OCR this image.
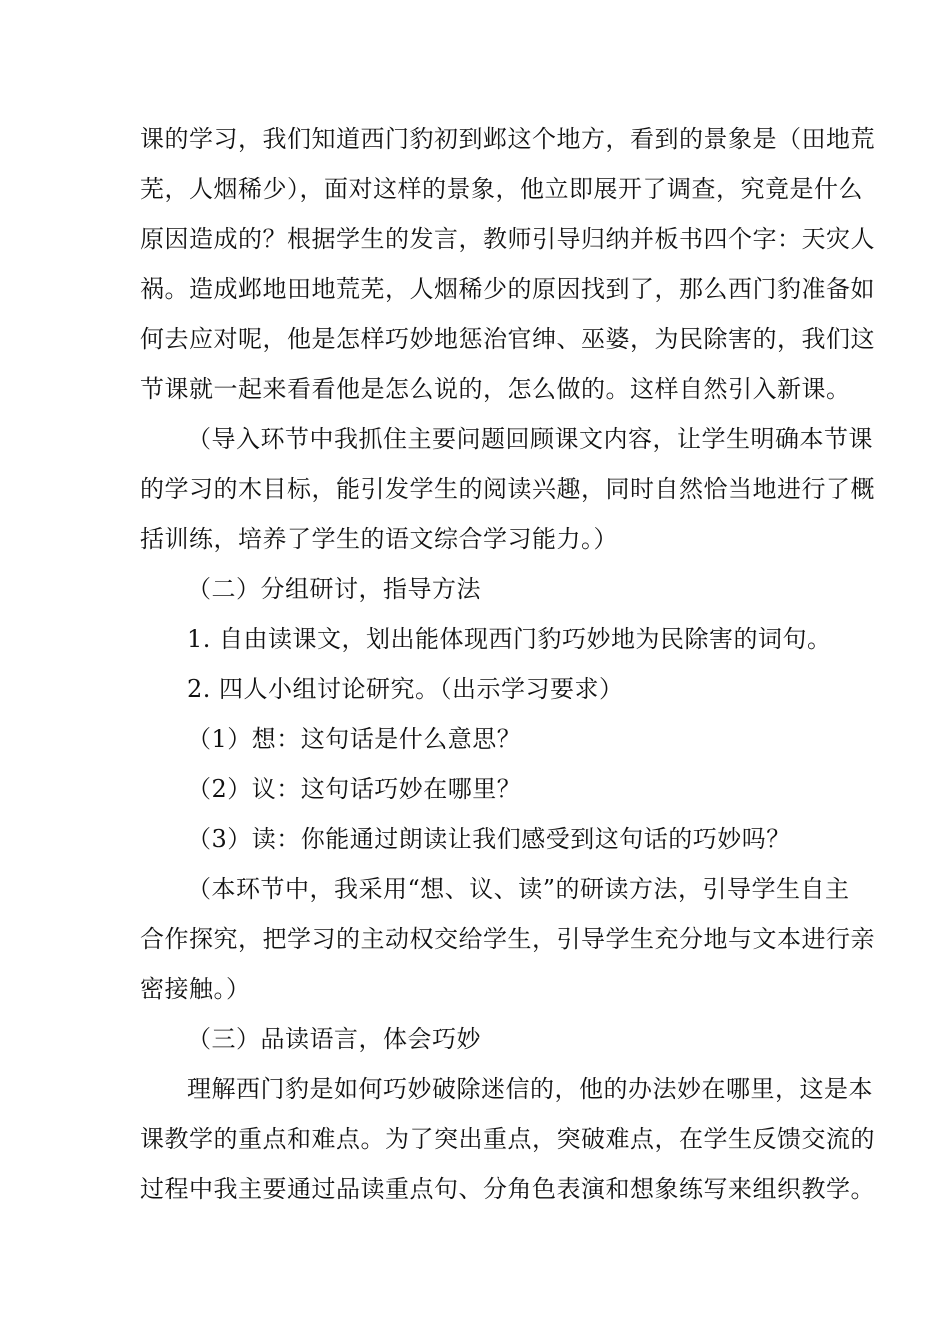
课的学习，我们知道西门豹初到邺这个地方，看到的景象是（田地荒
芜，人烟稀少），面对这样的景象，他立即展开了调查，究竟是什么
原因造成的？根据学生的发言，教师引导归纳并板书四个字：天灾人
祸。造成邺地田地荒芜，人烟稀少的原因找到了，那么西门豹准备如
何去应对呢，他是怎样巧妙地惩治官绅、巫婆，为民除害的，我们这
节课就一起来看看他是怎么说的，怎么做的。这样自然引入新课。
（导入环节中我抓住主要问题回顾课文内容，让学生明确本节课
的学习的木目标，能引发学生的阅读兴趣，同时自然恰当地进行了概
括训练，培养了学生的语文综合学习能力。）
（二）分组研讨，指导方法
1. 自由读课文，划出能体现西门豹巧妙地为民除害的词句。
2. 四人小组讨论研究。（出示学习要求）
（1）想：这句话是什么意思？
（2）议：这句话巧妙在哪里？
（3）读：你能通过朗读让我们感受到这句话的巧妙吗？
（本环节中，我采用“想、议、读”的研读方法，引导学生自主
合作探究，把学习的主动权交给学生，引导学生充分地与文本进行亲
密接触。）
（三）品读语言，体会巧妙
理解西门豹是如何巧妙破除迷信的，他的办法妙在哪里，这是本
课教学的重点和难点。为了突出重点，突破难点，在学生反馈交流的
过程中我主要通过品读重点句、分角色表演和想象练写来组织教学。
